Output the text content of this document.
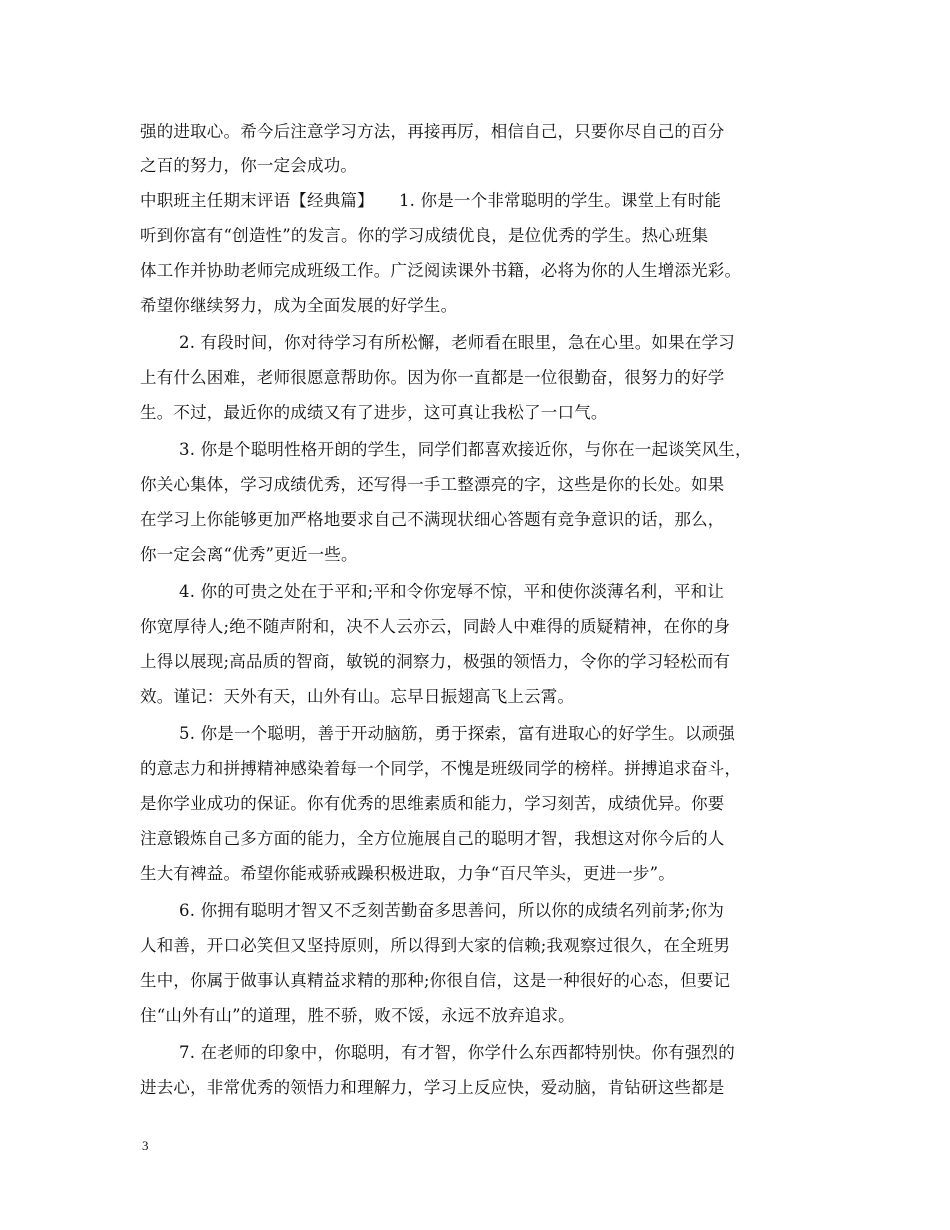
强的进取心。希今后注意学习方法，再接再厉，相信自己，只要你尽自己的百分
之百的努力，你一定会成功。
中职班主任期末评语【经典篇】　　1. 你是一个非常聪明的学生。课堂上有时能
听到你富有“创造性”的发言。你的学习成绩优良，是位优秀的学生。热心班集
体工作并协助老师完成班级工作。广泛阅读课外书籍，必将为你的人生增添光彩。
希望你继续努力，成为全面发展的好学生。
2. 有段时间，你对待学习有所松懈，老师看在眼里，急在心里。如果在学习
上有什么困难，老师很愿意帮助你。因为你一直都是一位很勤奋，很努力的好学
生。不过，最近你的成绩又有了进步，这可真让我松了一口气。
3. 你是个聪明性格开朗的学生，同学们都喜欢接近你，与你在一起谈笑风生，
你关心集体，学习成绩优秀，还写得一手工整漂亮的字，这些是你的长处。如果
在学习上你能够更加严格地要求自己不满现状细心答题有竞争意识的话，那么，
你一定会离“优秀”更近一些。
4. 你的可贵之处在于平和;平和令你宠辱不惊，平和使你淡薄名利，平和让
你宽厚待人;绝不随声附和，决不人云亦云，同龄人中难得的质疑精神，在你的身
上得以展现;高品质的智商，敏锐的洞察力，极强的领悟力，令你的学习轻松而有
效。谨记：天外有天，山外有山。忘早日振翅高飞上云霄。
5. 你是一个聪明，善于开动脑筋，勇于探索，富有进取心的好学生。以顽强
的意志力和拼搏精神感染着每一个同学，不愧是班级同学的榜样。拼搏追求奋斗，
是你学业成功的保证。你有优秀的思维素质和能力，学习刻苦，成绩优异。你要
注意锻炼自己多方面的能力，全方位施展自己的聪明才智，我想这对你今后的人
生大有裨益。希望你能戒骄戒躁积极进取，力争“百尺竿头，更进一步”。
6. 你拥有聪明才智又不乏刻苦勤奋多思善问，所以你的成绩名列前茅;你为
人和善，开口必笑但又坚持原则，所以得到大家的信赖;我观察过很久，在全班男
生中，你属于做事认真精益求精的那种;你很自信，这是一种很好的心态，但要记
住“山外有山”的道理，胜不骄，败不馁，永远不放弃追求。
7. 在老师的印象中，你聪明，有才智，你学什么东西都特别快。你有强烈的
进去心，非常优秀的领悟力和理解力，学习上反应快，爱动脑，肯钻研这些都是
3
